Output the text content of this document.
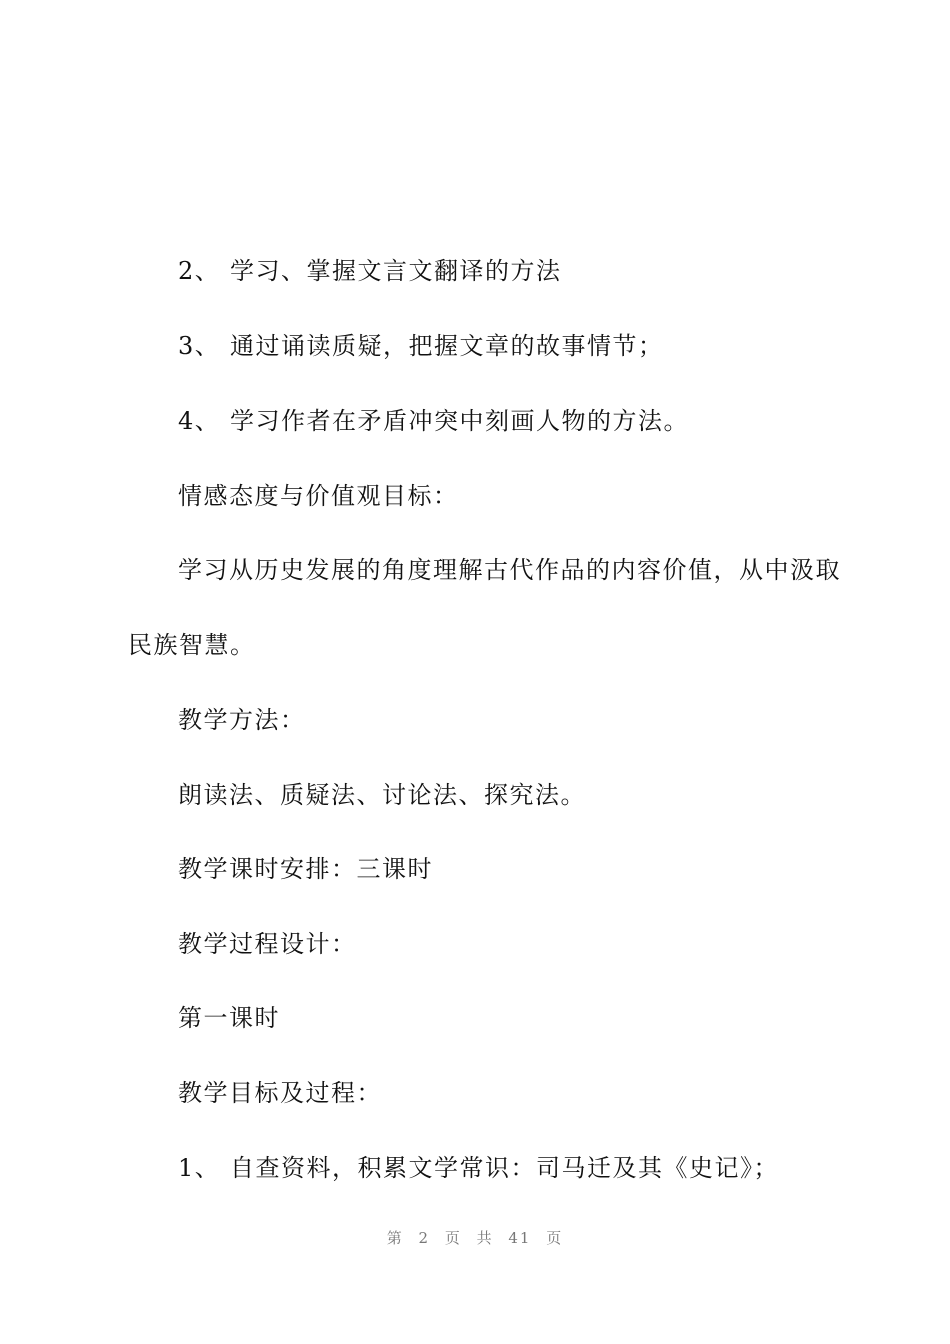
2、 学习、掌握文言文翻译的方法
3、 通过诵读质疑，把握文章的故事情节；
4、 学习作者在矛盾冲突中刻画人物的方法。
情感态度与价值观目标：
学习从历史发展的角度理解古代作品的内容价值，从中汲取
民族智慧。
教学方法：
朗读法、质疑法、讨论法、探究法。
教学课时安排：三课时
教学过程设计：
第一课时
教学目标及过程：
1、 自查资料，积累文学常识：司马迁及其《史记》；
第 2 页 共 41 页
